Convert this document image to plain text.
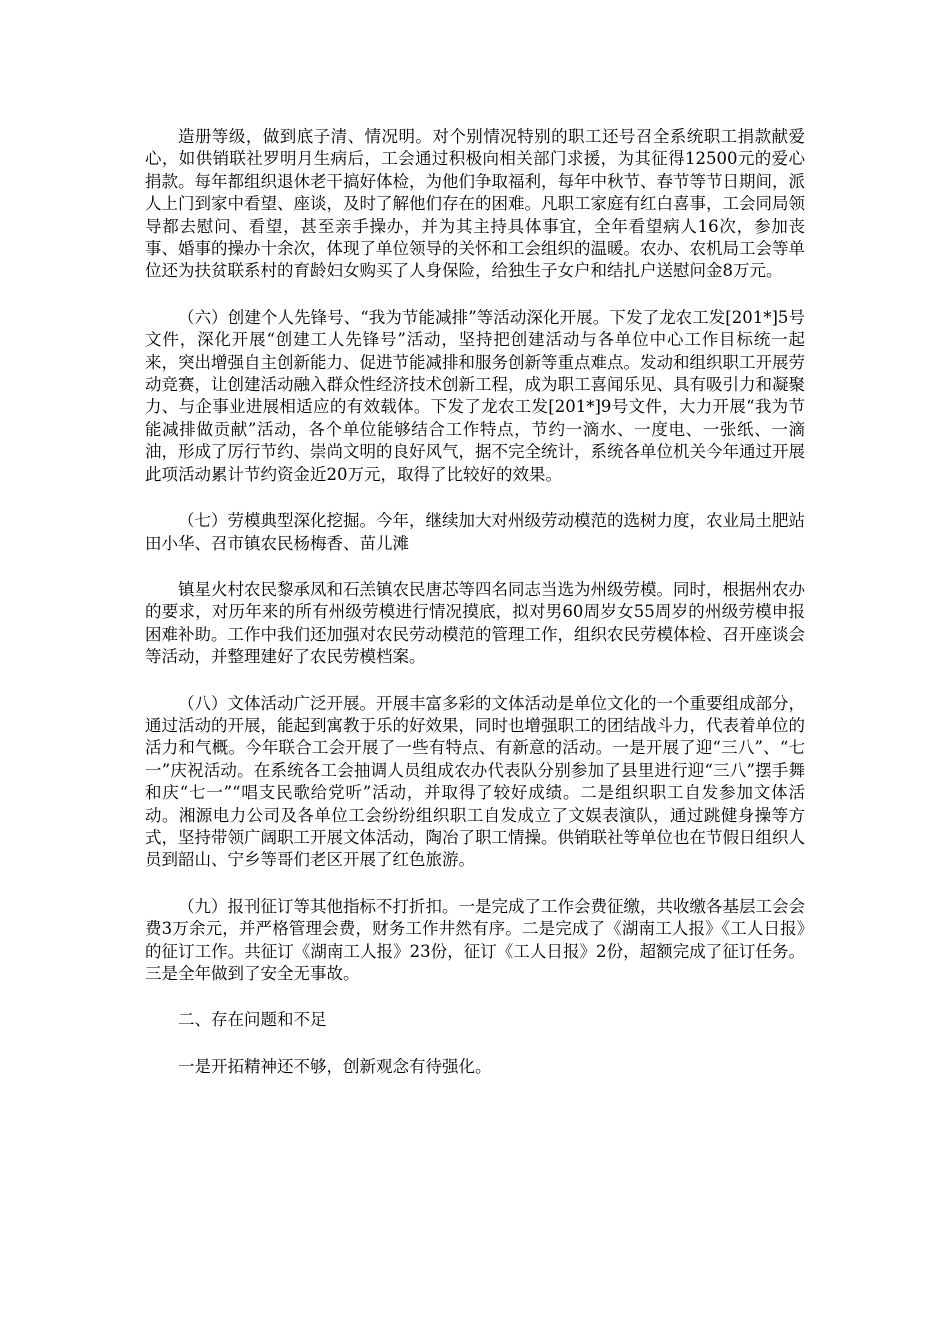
造册等级，做到底子清、情况明。对个别情况特别的职工还号召全系统职工捐款献爱心，如供销联社罗明月生病后，工会通过积极向相关部门求援，为其征得12500元的爱心捐款。每年都组织退休老干搞好体检，为他们争取福利，每年中秋节、春节等节日期间，派人上门到家中看望、座谈，及时了解他们存在的困难。凡职工家庭有红白喜事，工会同局领导都去慰问、看望，甚至亲手操办，并为其主持具体事宜，全年看望病人16次，参加丧事、婚事的操办十余次，体现了单位领导的关怀和工会组织的温暖。农办、农机局工会等单位还为扶贫联系村的育龄妇女购买了人身保险，给独生子女户和结扎户送慰问金8万元。

（六）创建个人先锋号、“我为节能减排”等活动深化开展。下发了龙农工发[201*]5号文件，深化开展“创建工人先锋号”活动，坚持把创建活动与各单位中心工作目标统一起来，突出增强自主创新能力、促进节能减排和服务创新等重点难点。发动和组织职工开展劳动竞赛，让创建活动融入群众性经济技术创新工程，成为职工喜闻乐见、具有吸引力和凝聚力、与企事业进展相适应的有效载体。下发了龙农工发[201*]9号文件，大力开展“我为节能减排做贡献”活动，各个单位能够结合工作特点，节约一滴水、一度电、一张纸、一滴油，形成了厉行节约、崇尚文明的良好风气，据不完全统计，系统各单位机关今年通过开展此项活动累计节约资金近20万元，取得了比较好的效果。

（七）劳模典型深化挖掘。今年，继续加大对州级劳动模范的选树力度，农业局土肥站田小华、召市镇农民杨梅香、苗儿滩

镇星火村农民黎承凤和石羔镇农民唐芯等四名同志当选为州级劳模。同时，根据州农办的要求，对历年来的所有州级劳模进行情况摸底，拟对男60周岁女55周岁的州级劳模申报困难补助。工作中我们还加强对农民劳动模范的管理工作，组织农民劳模体检、召开座谈会等活动，并整理建好了农民劳模档案。

（八）文体活动广泛开展。开展丰富多彩的文体活动是单位文化的一个重要组成部分，通过活动的开展，能起到寓教于乐的好效果，同时也增强职工的团结战斗力，代表着单位的活力和气概。今年联合工会开展了一些有特点、有新意的活动。一是开展了迎“三八”、“七一”庆祝活动。在系统各工会抽调人员组成农办代表队分别参加了县里进行迎“三八”摆手舞和庆“七一”“唱支民歌给党听”活动，并取得了较好成绩。二是组织职工自发参加文体活动。湘源电力公司及各单位工会纷纷组织职工自发成立了文娱表演队，通过跳健身操等方式，坚持带领广阔职工开展文体活动，陶冶了职工情操。供销联社等单位也在节假日组织人员到韶山、宁乡等哥们老区开展了红色旅游。

（九）报刊征订等其他指标不打折扣。一是完成了工作会费征缴，共收缴各基层工会会费3万余元，并严格管理会费，财务工作井然有序。二是完成了《湖南工人报》《工人日报》的征订工作。共征订《湖南工人报》23份，征订《工人日报》2份，超额完成了征订任务。三是全年做到了安全无事故。

二、存在问题和不足

一是开拓精神还不够，创新观念有待强化。
